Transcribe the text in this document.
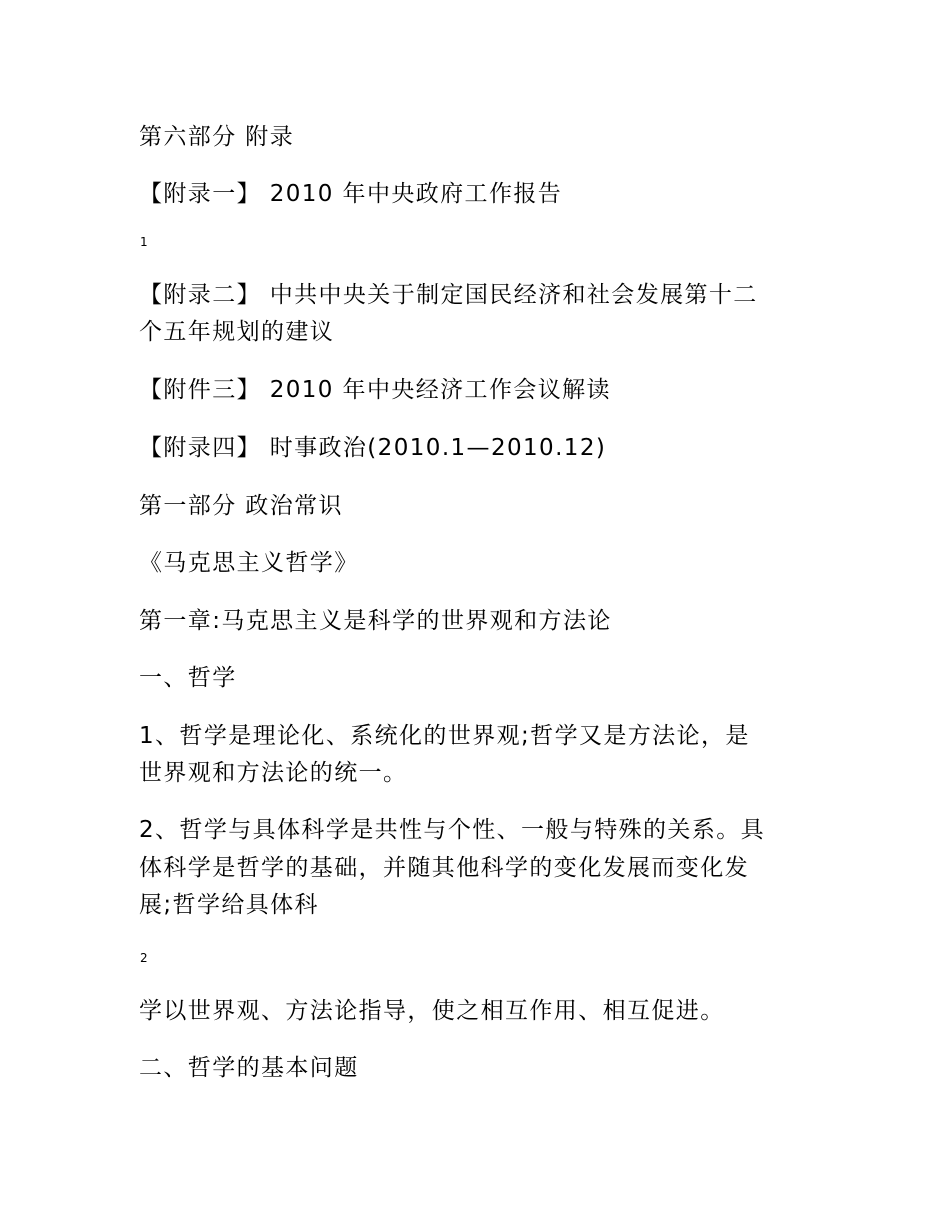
第六部分 附录
【附录一】 2010 年中央政府工作报告
1
【附录二】 中共中央关于制定国民经济和社会发展第十二
个五年规划的建议
【附件三】 2010 年中央经济工作会议解读
【附录四】 时事政治(2010.1—2010.12)
第一部分 政治常识
《马克思主义哲学》
第一章:马克思主义是科学的世界观和方法论
一、哲学
1、哲学是理论化、系统化的世界观;哲学又是方法论，是
世界观和方法论的统一。
2、哲学与具体科学是共性与个性、一般与特殊的关系。具
体科学是哲学的基础，并随其他科学的变化发展而变化发
展;哲学给具体科
2
学以世界观、方法论指导，使之相互作用、相互促进。
二、哲学的基本问题
